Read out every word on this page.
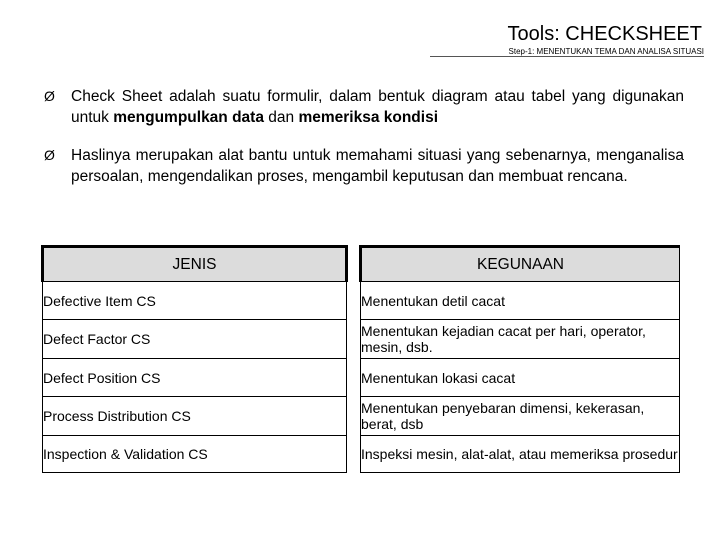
Tools: CHECKSHEET
Step-1: MENENTUKAN TEMA DAN ANALISA SITUASI
Ø	Check Sheet adalah suatu formulir, dalam bentuk diagram atau tabel yang digunakan untuk mengumpulkan data dan memeriksa kondisi
Ø	Haslinya merupakan alat bantu untuk memahami situasi yang sebenarnya, menganalisa persoalan, mengendalikan proses, mengambil keputusan dan membuat rencana.
JENIS		KEGUNAAN
Defective Item CS		Menentukan detil cacat
Defect Factor CS		Menentukan kejadian cacat per hari, operator, mesin, dsb.
Defect Position CS		Menentukan lokasi cacat
Process Distribution CS		Menentukan penyebaran dimensi, kekerasan, berat, dsb
Inspection & Validation CS		Inspeksi mesin, alat-alat, atau memeriksa prosedur
